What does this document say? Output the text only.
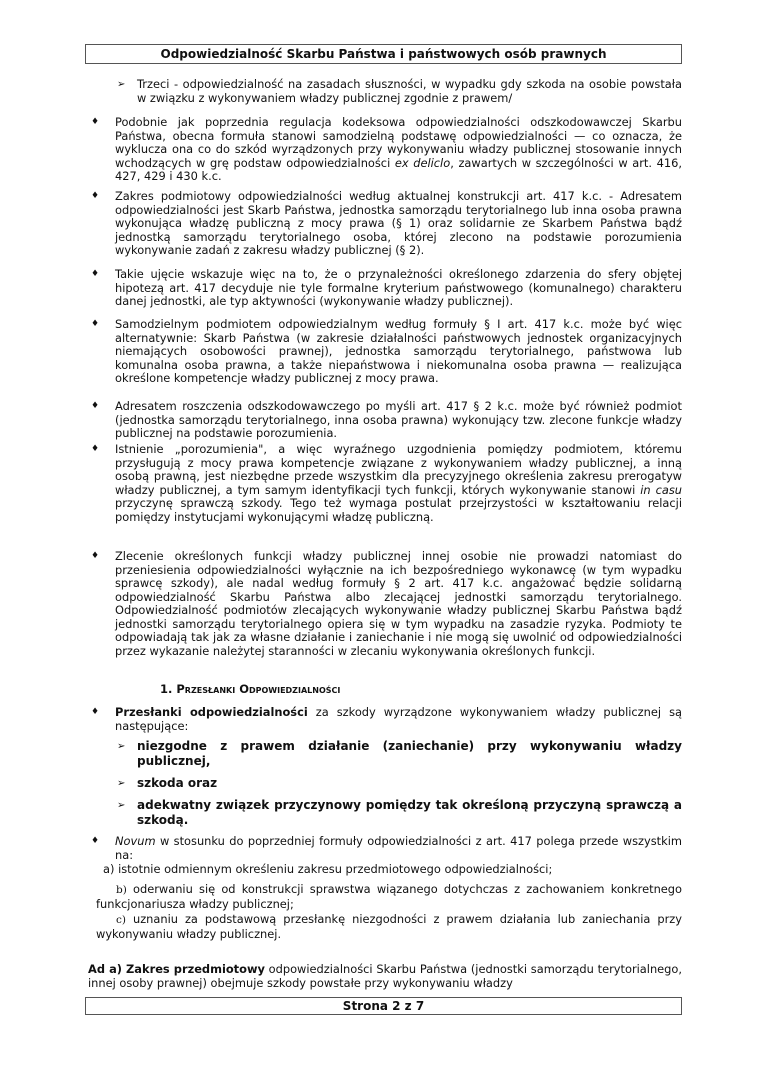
Odpowiedzialność Skarbu Państwa i państwowych osób prawnych
➢ Trzeci - odpowiedzialność na zasadach słuszności, w wypadku gdy szkoda na osobie powstała w związku z wykonywaniem władzy publicznej zgodnie z prawem/
♦ Podobnie jak poprzednia regulacja kodeksowa odpowiedzialności odszkodowawczej Skarbu Państwa, obecna formuła stanowi samodzielną podstawę odpowiedzialności — co oznacza, że wyklucza ona co do szkód wyrządzonych przy wykonywaniu władzy publicznej stosowanie innych wchodzących w grę podstaw odpowiedzialności ex deliclo, zawartych w szczególności w art. 416, 427, 429 i 430 k.c.
♦ Zakres podmiotowy odpowiedzialności według aktualnej konstrukcji art. 417 k.c. - Adresatem odpowiedzialności jest Skarb Państwa, jednostka samorządu terytorialnego lub inna osoba prawna wykonująca władzę publiczną z mocy prawa (§ 1) oraz solidarnie ze Skarbem Państwa bądź jednostką samorządu terytorialnego osoba, której zlecono na podstawie porozumienia wykonywanie zadań z zakresu władzy publicznej (§ 2).
♦ Takie ujęcie wskazuje więc na to, że o przynależności określonego zdarzenia do sfery objętej hipotezą art. 417 decyduje nie tyle formalne kryterium państwowego (komunalnego) charakteru danej jednostki, ale typ aktywności (wykonywanie władzy publicznej).
♦ Samodzielnym podmiotem odpowiedzialnym według formuły § I art. 417 k.c. może być więc alternatywnie: Skarb Państwa (w zakresie działalności państwowych jednostek organizacyjnych niemających osobowości prawnej), jednostka samorządu terytorialnego, państwowa lub komunalna osoba prawna, a także niepaństwowa i niekomunalna osoba prawna — realizująca określone kompetencje władzy publicznej z mocy prawa.
♦ Adresatem roszczenia odszkodowawczego po myśli art. 417 § 2 k.c. może być również podmiot (jednostka samorządu terytorialnego, inna osoba prawna) wykonujący tzw. zlecone funkcje władzy publicznej na podstawie porozumienia.
♦ Istnienie „porozumienia", a więc wyraźnego uzgodnienia pomiędzy podmiotem, któremu przysługują z mocy prawa kompetencje związane z wykonywaniem władzy publicznej, a inną osobą prawną, jest niezbędne przede wszystkim dla precyzyjnego określenia zakresu prerogatyw władzy publicznej, a tym samym identyfikacji tych funkcji, których wykonywanie stanowi in casu przyczynę sprawczą szkody. Tego też wymaga postulat przejrzystości w kształtowaniu relacji pomiędzy instytucjami wykonującymi władzę publiczną.
♦ Zlecenie określonych funkcji władzy publicznej innej osobie nie prowadzi natomiast do przeniesienia odpowiedzialności wyłącznie na ich bezpośredniego wykonawcę (w tym wypadku sprawcę szkody), ale nadal według formuły § 2 art. 417 k.c. angażować będzie solidarną odpowiedzialność Skarbu Państwa albo zlecającej jednostki samorządu terytorialnego. Odpowiedzialność podmiotów zlecających wykonywanie władzy publicznej Skarbu Państwa bądź jednostki samorządu terytorialnego opiera się w tym wypadku na zasadzie ryzyka. Podmioty te odpowiadają tak jak za własne działanie i zaniechanie i nie mogą się uwolnić od odpowiedzialności przez wykazanie należytej staranności w zlecaniu wykonywania określonych funkcji.
1. Przesłanki Odpowiedzialności
♦ Przesłanki odpowiedzialności za szkody wyrządzone wykonywaniem władzy publicznej są następujące:
➢ niezgodne z prawem działanie (zaniechanie) przy wykonywaniu władzy publicznej,
➢ szkoda oraz
➢ adekwatny związek przyczynowy pomiędzy tak określoną przyczyną sprawczą a szkodą.
♦ Novum w stosunku do poprzedniej formuły odpowiedzialności z art. 417 polega przede wszystkim na:
a) istotnie odmiennym określeniu zakresu przedmiotowego odpowiedzialności;
b) oderwaniu się od konstrukcji sprawstwa wiązanego dotychczas z zachowaniem konkretnego funkcjonariusza władzy publicznej;
c) uznaniu za podstawową przesłankę niezgodności z prawem działania lub zaniechania przy wykonywaniu władzy publicznej.
Ad a) Zakres przedmiotowy odpowiedzialności Skarbu Państwa (jednostki samorządu terytorialnego, innej osoby prawnej) obejmuje szkody powstałe przy wykonywaniu władzy
Strona 2 z 7
